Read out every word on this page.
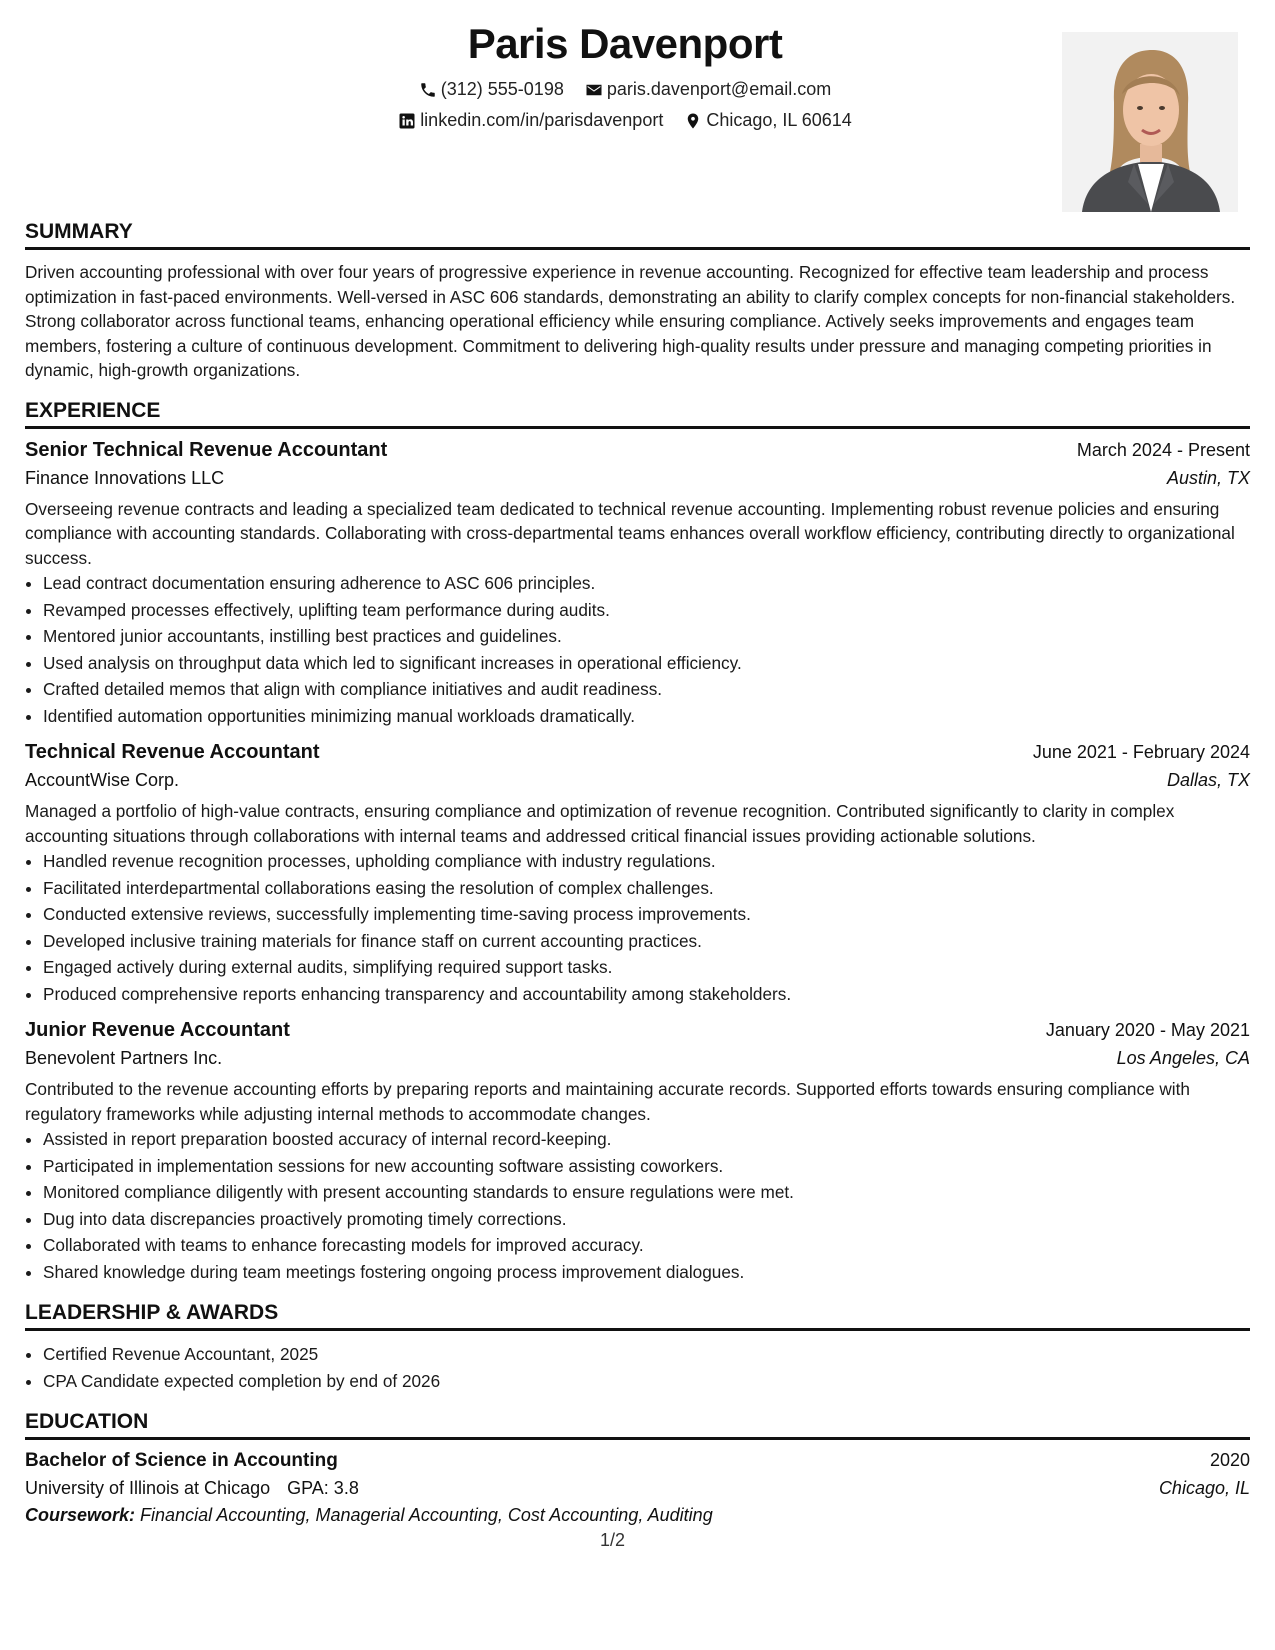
Paris Davenport
(312) 555-0198
paris.davenport@email.com
linkedin.com/in/parisdavenport
Chicago, IL 60614
SUMMARY

Driven accounting professional with over four years of progressive experience in revenue accounting. Recognized for effective team leadership and process optimization in fast-paced environments. Well-versed in ASC 606 standards, demonstrating an ability to clarify complex concepts for non-financial stakeholders. Strong collaborator across functional teams, enhancing operational efficiency while ensuring compliance. Actively seeks improvements and engages team members, fostering a culture of continuous development. Commitment to delivering high-quality results under pressure and managing competing priorities in dynamic, high-growth organizations.

EXPERIENCE
Senior Technical Revenue Accountant	March 2024 - Present
Finance Innovations LLC	Austin, TX

Overseeing revenue contracts and leading a specialized team dedicated to technical revenue accounting. Implementing robust revenue policies and ensuring compliance with accounting standards. Collaborating with cross-departmental teams enhances overall workflow efficiency, contributing directly to organizational success.

• Lead contract documentation ensuring adherence to ASC 606 principles.
• Revamped processes effectively, uplifting team performance during audits.
• Mentored junior accountants, instilling best practices and guidelines.
• Used analysis on throughput data which led to significant increases in operational efficiency.
• Crafted detailed memos that align with compliance initiatives and audit readiness.
• Identified automation opportunities minimizing manual workloads dramatically.
Technical Revenue Accountant	June 2021 - February 2024
AccountWise Corp.	Dallas, TX

Managed a portfolio of high-value contracts, ensuring compliance and optimization of revenue recognition. Contributed significantly to clarity in complex accounting situations through collaborations with internal teams and addressed critical financial issues providing actionable solutions.

• Handled revenue recognition processes, upholding compliance with industry regulations.
• Facilitated interdepartmental collaborations easing the resolution of complex challenges.
• Conducted extensive reviews, successfully implementing time-saving process improvements.
• Developed inclusive training materials for finance staff on current accounting practices.
• Engaged actively during external audits, simplifying required support tasks.
• Produced comprehensive reports enhancing transparency and accountability among stakeholders.
Junior Revenue Accountant	January 2020 - May 2021
Benevolent Partners Inc.	Los Angeles, CA

Contributed to the revenue accounting efforts by preparing reports and maintaining accurate records. Supported efforts towards ensuring compliance with regulatory frameworks while adjusting internal methods to accommodate changes.

• Assisted in report preparation boosted accuracy of internal record-keeping.
• Participated in implementation sessions for new accounting software assisting coworkers.
• Monitored compliance diligently with present accounting standards to ensure regulations were met.
• Dug into data discrepancies proactively promoting timely corrections.
• Collaborated with teams to enhance forecasting models for improved accuracy.
• Shared knowledge during team meetings fostering ongoing process improvement dialogues.
LEADERSHIP & AWARDS
• Certified Revenue Accountant, 2025
• CPA Candidate expected completion by end of 2026
EDUCATION
Bachelor of Science in Accounting	2020
University of Illinois at Chicago GPA: 3.8	Chicago, IL
Coursework: Financial Accounting, Managerial Accounting, Cost Accounting, Auditing
1/2
